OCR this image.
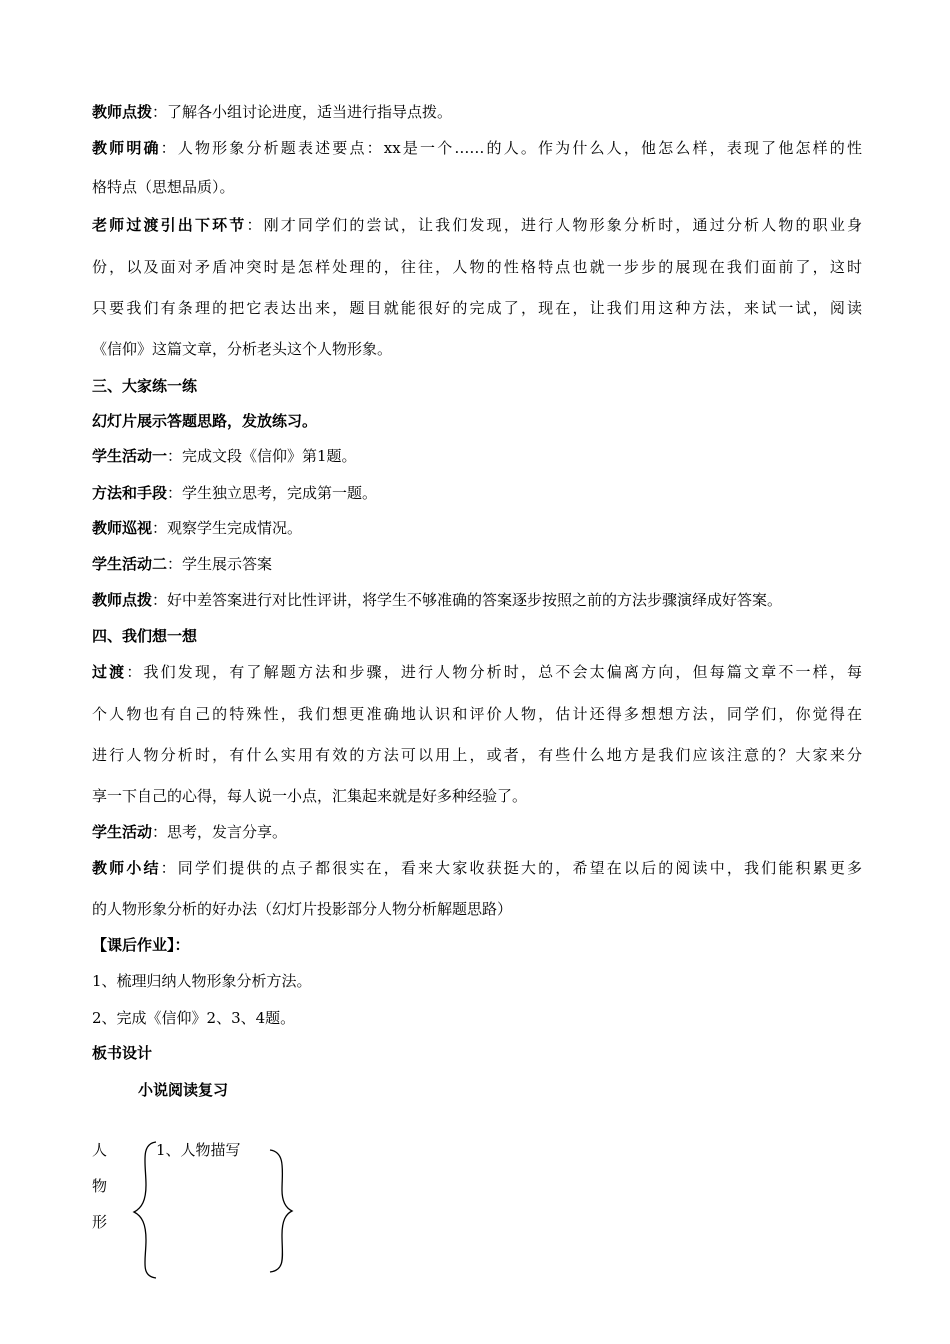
教师点拨：了解各小组讨论进度，适当进行指导点拨。
教师明确：人物形象分析题表述要点：xx是一个……的人。作为什么人，他怎么样，表现了他怎样的性
格特点（思想品质）。
老师过渡引出下环节：刚才同学们的尝试，让我们发现，进行人物形象分析时，通过分析人物的职业身
份，以及面对矛盾冲突时是怎样处理的，往往，人物的性格特点也就一步步的展现在我们面前了，这时
只要我们有条理的把它表达出来，题目就能很好的完成了，现在，让我们用这种方法，来试一试，阅读
《信仰》这篇文章，分析老头这个人物形象。
三、大家练一练
幻灯片展示答题思路，发放练习。
学生活动一：完成文段《信仰》第1题。
方法和手段：学生独立思考，完成第一题。
教师巡视：观察学生完成情况。
学生活动二：学生展示答案
教师点拨：好中差答案进行对比性评讲，将学生不够准确的答案逐步按照之前的方法步骤演绎成好答案。
四、我们想一想
过渡：我们发现，有了解题方法和步骤，进行人物分析时，总不会太偏离方向，但每篇文章不一样，每
个人物也有自己的特殊性，我们想更准确地认识和评价人物，估计还得多想想方法，同学们，你觉得在
进行人物分析时，有什么实用有效的方法可以用上，或者，有些什么地方是我们应该注意的？大家来分
享一下自己的心得，每人说一小点，汇集起来就是好多种经验了。
学生活动：思考，发言分享。
教师小结：同学们提供的点子都很实在，看来大家收获挺大的，希望在以后的阅读中，我们能积累更多
的人物形象分析的好办法（幻灯片投影部分人物分析解题思路）
【课后作业】：
1、梳理归纳人物形象分析方法。
2、完成《信仰》2、3、4题。
板书设计
小说阅读复习
人
物
形
1、人物描写
